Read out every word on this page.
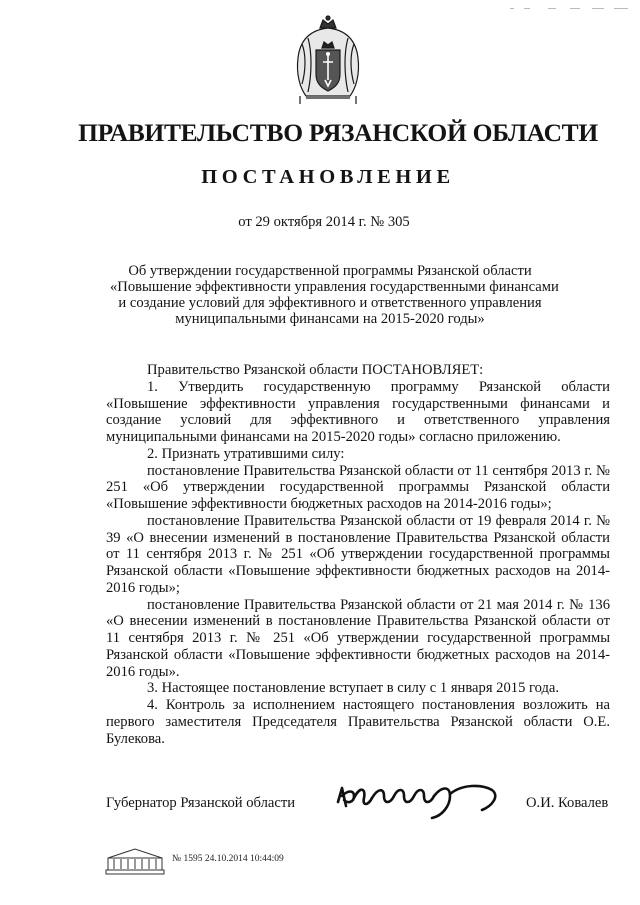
ПРАВИТЕЛЬСТВО РЯЗАНСКОЙ ОБЛАСТИ
ПОСТАНОВЛЕНИЕ
от 29 октября 2014 г. № 305
Об утверждении государственной программы Рязанской области
«Повышение эффективности управления государственными финансами
и создание условий для эффективного и ответственного управления
муниципальными финансами на 2015-2020 годы»
Правительство Рязанской области ПОСТАНОВЛЯЕТ:
1. Утвердить государственную программу Рязанской области «Повышение эффективности управления государственными финансами и создание условий для эффективного и ответственного управления муниципальными финансами на 2015-2020 годы» согласно приложению.
2. Признать утратившими силу:
постановление Правительства Рязанской области от 11 сентября 2013 г. № 251 «Об утверждении государственной программы Рязанской области «Повышение эффективности бюджетных расходов на 2014-2016 годы»;
постановление Правительства Рязанской области от 19 февраля 2014 г. № 39 «О внесении изменений в постановление Правительства Рязанской области от 11 сентября 2013 г. № 251 «Об утверждении государственной программы Рязанской области «Повышение эффективности бюджетных расходов на 2014-2016 годы»;
постановление Правительства Рязанской области от 21 мая 2014 г. № 136 «О внесении изменений в постановление Правительства Рязанской области от 11 сентября 2013 г. № 251 «Об утверждении государственной программы Рязанской области «Повышение эффективности бюджетных расходов на 2014-2016 годы».
3. Настоящее постановление вступает в силу с 1 января 2015 года.
4. Контроль за исполнением настоящего постановления возложить на первого заместителя Председателя Правительства Рязанской области О.Е. Булекова.
Губернатор Рязанской области	О.И. Ковалев
№ 1595 24.10.2014 10:44:09
